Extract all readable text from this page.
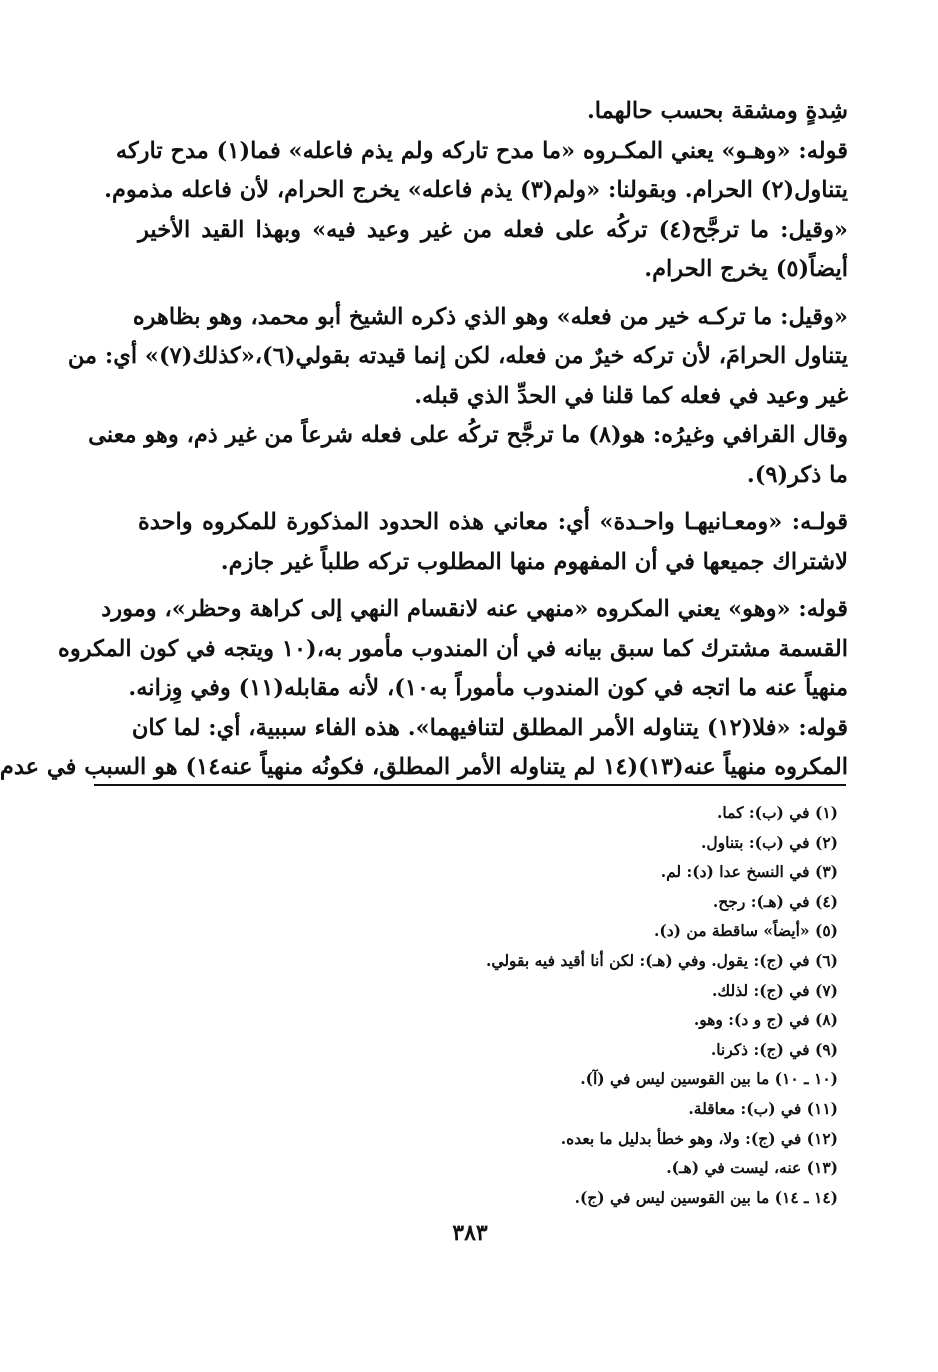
شِدةٍ ومشقة بحسب حالهما.
قوله: «وهـو» يعني المكـروه «ما مدح تاركه ولم يذم فاعله» فما(١) مدح تاركه
يتناول(٢) الحرام. وبقولنا: «ولم(٣) يذم فاعله» يخرج الحرام، لأن فاعله مذموم.
«وقيل: ما ترجَّح(٤) تركُه على فعله من غير وعيد فيه» وبهذا القيد الأخير
أيضاً(٥) يخرج الحرام.
«وقيل: ما تركـه خير من فعله» وهو الذي ذكره الشيخ أبو محمد، وهو بظاهره
يتناول الحرامَ، لأن تركه خيرٌ من فعله، لكن إنما قيدته بقولي(٦)،«كذلك(٧)» أي: من
غير وعيد في فعله كما قلنا في الحدِّ الذي قبله.
وقال القرافي وغيرُه: هو(٨) ما ترجَّح تركُه على فعله شرعاً من غير ذم، وهو معنى
ما ذكر(٩).
قولـه: «ومعـانيهـا واحـدة» أي: معاني هذه الحدود المذكورة للمكروه واحدة
لاشتراك جميعها في أن المفهوم منها المطلوب تركه طلباً غير جازم.
قوله: «وهو» يعني المكروه «منهي عنه لانقسام النهي إلى كراهة وحظر»، ومورد
القسمة مشترك كما سبق بيانه في أن المندوب مأمور به،(١٠ ويتجه في كون المكروه
منهياً عنه ما اتجه في كون المندوب مأموراً به١٠)، لأنه مقابله(١١) وفي وِزانه.
قوله: «فلا(١٢) يتناوله الأمر المطلق لتنافيهما». هذه الفاء سببية، أي: لما كان
المكروه منهياً عنه(١٣)(١٤ لم يتناوله الأمر المطلق، فكونُه منهياً عنه١٤) هو السبب في عدم
(١) في (ب): كما.
(٢) في (ب): بتناول.
(٣) في النسخ عدا (د): لم.
(٤) في (هـ): رجح.
(٥) «أيضاً» ساقطة من (د).
(٦) في (ج): يقول. وفي (هـ): لكن أنا أقيد فيه بقولي.
(٧) في (ج): لذلك.
(٨) في (ج و د): وهو.
(٩) في (ج): ذكرنا.
(١٠ ـ ١٠) ما بين القوسين ليس في (آ).
(١١) في (ب): معاقلة.
(١٢) في (ج): ولا، وهو خطأ بدليل ما بعده.
(١٣) عنه، ليست في (هـ).
(١٤ ـ ١٤) ما بين القوسين ليس في (ج).
٣٨٣
